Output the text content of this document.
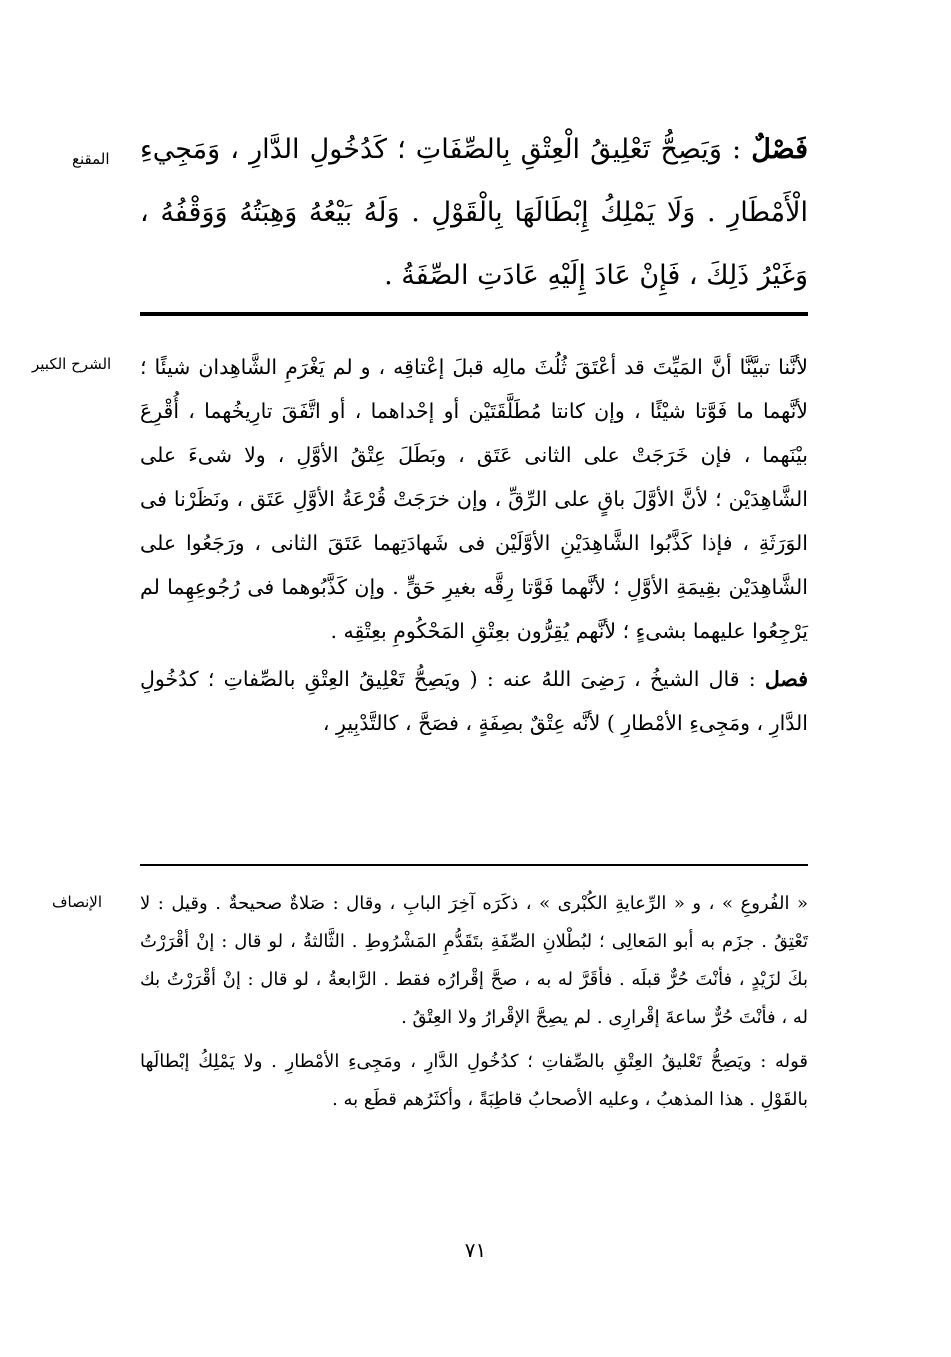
المقنع	فَصْلٌ : وَيَصِحُّ تَعْلِيقُ الْعِتْقِ بِالصِّفَاتِ ؛ كَدُخُولِ الدَّارِ ، وَمَجِيءِ الْأَمْطَارِ . وَلَا يَمْلِكُ إِبْطَالَهَا بِالْقَوْلِ . وَلَهُ بَيْعُهُ وَهِبَتُهُ وَوَقْفُهُ ، وَغَيْرُ ذَلِكَ ، فَإِنْ عَادَ إِلَيْهِ عَادَتِ الصِّفَةُ .

الشرح الكبير لأنَّنا تبيَّنَّا أنَّ المَيِّتَ قد أعْتَقَ ثُلُثَ مالِه قبلَ إعْتاقِه ، و لم يَغْرَمِ الشَّاهِدان شيئًا ؛ لأنَّهما ما فَوَّتا شيْئًا ، وإن كانتا مُطَلَّقَتَيْن أو إحْداهما ، أو اتَّفَقَ تارِيخُهما ، أُقْرِعَ بيْنَهما ، فإن خَرَجَتْ على الثانى عَتَق ، وبَطَلَ عِتْقُ الأوَّلِ ، ولا شىءَ على الشَّاهِدَيْن ؛ لأنَّ الأوَّلَ باقٍ على الرِّقِّ ، وإن خرَجَتْ قُرْعَةُ الأوَّلِ عَتَق ، ونَظَرْنا فى الوَرَثَةِ ، فإذا كَذَّبُوا الشَّاهِدَيْنِ الأوَّلَيْن فى شَهادَتِهما عَتَقَ الثانى ، ورَجَعُوا على الشَّاهِدَيْن بقِيمَةِ الأوَّلِ ؛ لأنَّهما فَوَّتا رِقَّه بغيرِ حَقٍّ . وإن كَذَّبُوهما فى رُجُوعِهِما لم يَرْجِعُوا عليهما بشىءٍ ؛ لأنَّهم يُقِرُّون بعِتْقِ المَحْكُومِ بعِتْقِه .

فصل : قال الشيخُ ، رَضِىَ اللهُ عنه : ( ويَصِحُّ تَعْلِيقُ العِتْقِ بالصِّفاتِ ؛ كدُخُولِ الدَّارِ ، ومَجِىءِ الأمْطارِ ) لأنَّه عِتْقٌ بصِفَةٍ ، فصَحَّ ، كالتَّدْبِيرِ ،

الإنصاف « الفُروعِ » ، و « الرِّعايةِ الكُبْرى » ، ذكَرَه آخِرَ البابِ ، وقال : صَلاةٌ صحيحةٌ . وقيل : لا تَعْتِقُ . جزَم به أبو المَعالِى ؛ لبُطْلانِ الصِّفَةِ بتَقَدُّمِ المَشْرُوطِ . الثَّالثةُ ، لو قال : إنْ أقْرَرْتُ بكَ لزَيْدٍ ، فأنْتَ حُرٌّ قبلَه . فأقَرَّ له به ، صحَّ إقْرارُه فقط . الرَّابعةُ ، لو قال : إنْ أقْرَرْتُ بك له ، فأنْتَ حُرٌّ ساعةَ إقْرارِى . لم يصِحَّ الإقْرارُ ولا العِتْقُ .

قوله : ويَصِحُّ تَعْليقُ العِتْقِ بالصِّفاتِ ؛ كدُخُولِ الدَّارِ ، ومَجِىءِ الأمْطارِ . ولا يَمْلِكُ إبْطالَها بالقَوْلِ . هذا المذهبُ ، وعليه الأصحابُ قاطِبَةً ، وأكثَرُهم قطَع به .

٧١
